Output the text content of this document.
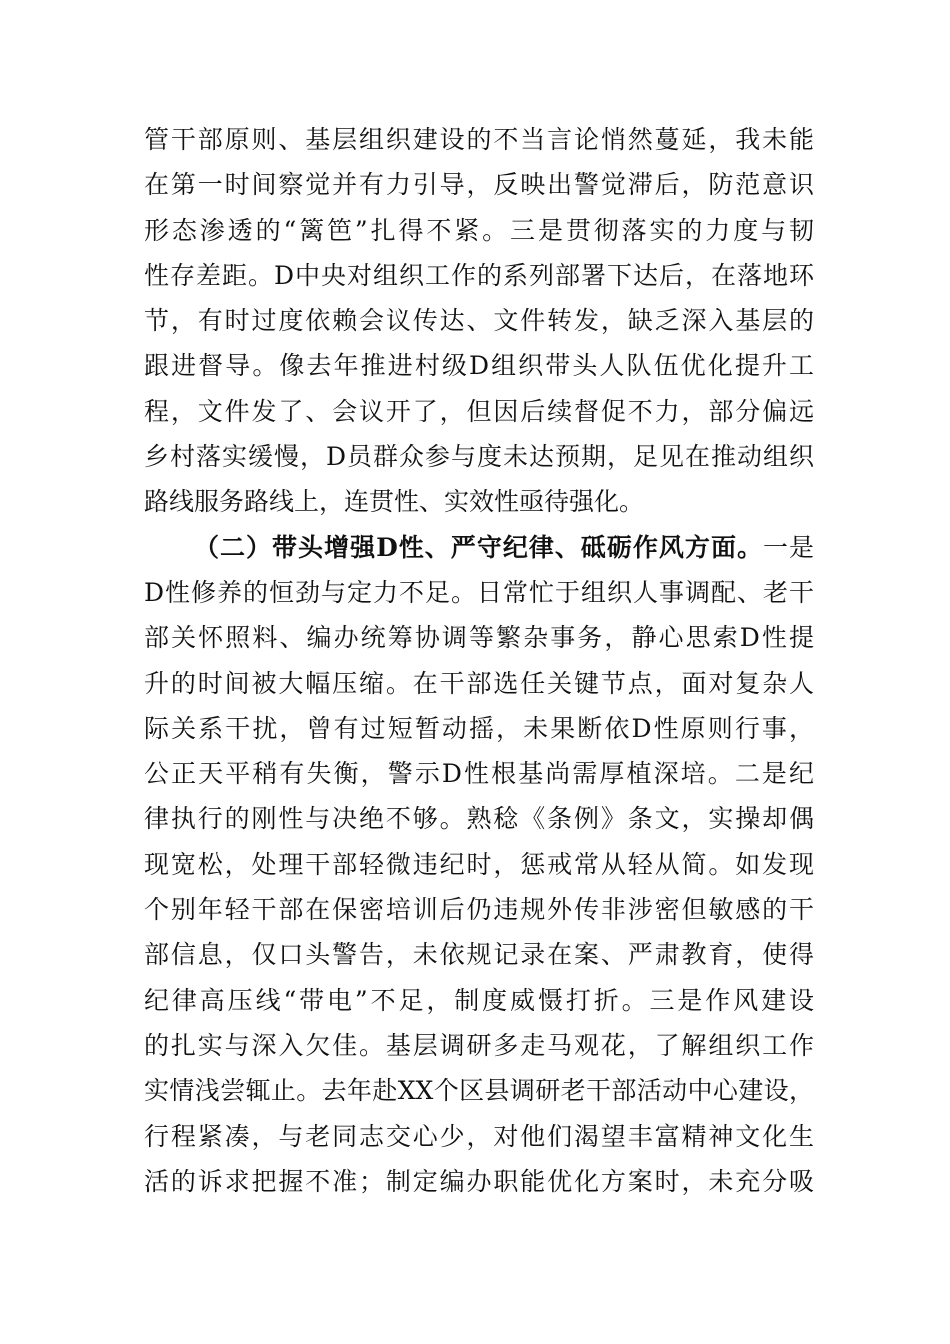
管干部原则、基层组织建设的不当言论悄然蔓延，我未能
在第一时间察觉并有力引导，反映出警觉滞后，防范意识
形态渗透的“篱笆”扎得不紧。三是贯彻落实的力度与韧
性存差距。D中央对组织工作的系列部署下达后，在落地环
节，有时过度依赖会议传达、文件转发，缺乏深入基层的
跟进督导。像去年推进村级D组织带头人队伍优化提升工
程，文件发了、会议开了，但因后续督促不力，部分偏远
乡村落实缓慢，D员群众参与度未达预期，足见在推动组织
路线服务路线上，连贯性、实效性亟待强化。
（二）带头增强D性、严守纪律、砥砺作风方面。一是
D性修养的恒劲与定力不足。日常忙于组织人事调配、老干
部关怀照料、编办统筹协调等繁杂事务，静心思索D性提
升的时间被大幅压缩。在干部选任关键节点，面对复杂人
际关系干扰，曾有过短暂动摇，未果断依D性原则行事，
公正天平稍有失衡，警示D性根基尚需厚植深培。二是纪
律执行的刚性与决绝不够。熟稔《条例》条文，实操却偶
现宽松，处理干部轻微违纪时，惩戒常从轻从简。如发现
个别年轻干部在保密培训后仍违规外传非涉密但敏感的干
部信息，仅口头警告，未依规记录在案、严肃教育，使得
纪律高压线“带电”不足，制度威慑打折。三是作风建设
的扎实与深入欠佳。基层调研多走马观花，了解组织工作
实情浅尝辄止。去年赴XX个区县调研老干部活动中心建设，
行程紧凑，与老同志交心少，对他们渴望丰富精神文化生
活的诉求把握不准；制定编办职能优化方案时，未充分吸
